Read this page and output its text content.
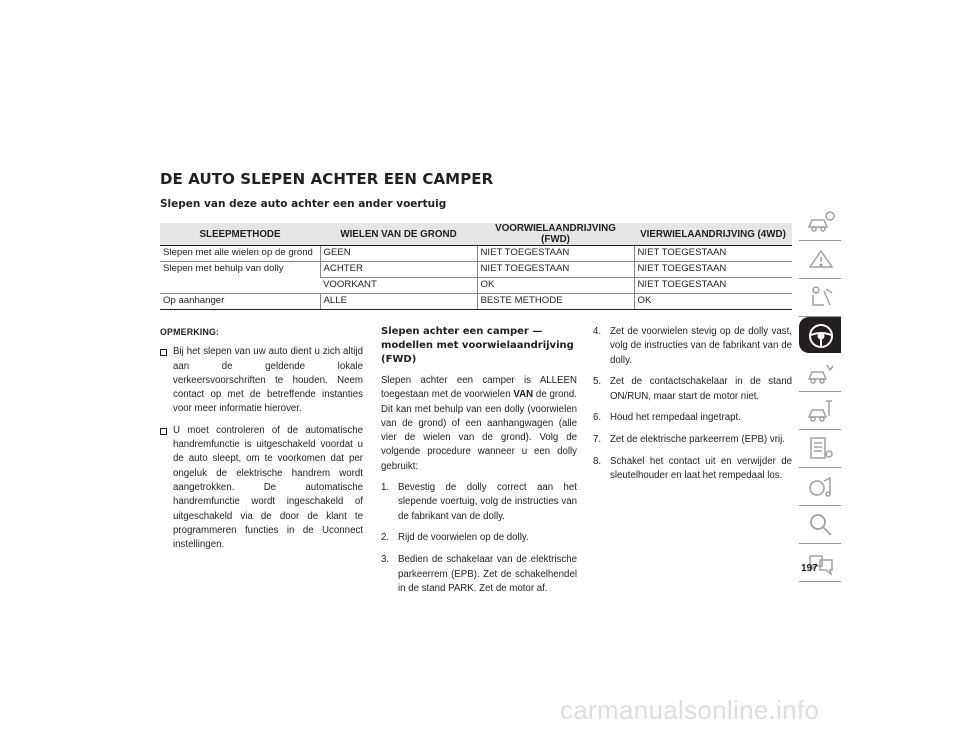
DE AUTO SLEPEN ACHTER EEN CAMPER
Slepen van deze auto achter een ander voertuig
SLEEPMETHODE	WIELEN VAN DE GROND	VOORWIELAANDRIJVING (FWD)	VIERWIELAANDRIJVING (4WD)
Slepen met alle wielen op de grond	GEEN	NIET TOEGESTAAN	NIET TOEGESTAAN
Slepen met behulp van dolly	ACHTER	NIET TOEGESTAAN	NIET TOEGESTAAN
	VOORKANT	OK	NIET TOEGESTAAN
Op aanhanger	ALLE	BESTE METHODE	OK

OPMERKING:

Bij het slepen van uw auto dient u zich altijd aan de geldende lokale verkeersvoorschriften te houden. Neem contact op met de betreffende instanties voor meer informatie hierover.

U moet controleren of de automatische handremfunctie is uitgeschakeld voordat u de auto sleept, om te voorkomen dat per ongeluk de elektrische handrem wordt aangetrokken. De automatische handremfunctie wordt ingeschakeld of uitgeschakeld via de door de klant te programmeren functies in de Uconnect instellingen.

Slepen achter een camper — modellen met voorwielaandrijving (FWD)

Slepen achter een camper is ALLEEN toegestaan met de voorwielen VAN de grond. Dit kan met behulp van een dolly (voorwielen van de grond) of een aanhangwagen (alle vier de wielen van de grond). Volg de volgende procedure wanneer u een dolly gebruikt:

1. Bevestig de dolly correct aan het slepende voertuig, volg de instructies van de fabrikant van de dolly.

2. Rijd de voorwielen op de dolly.

3. Bedien de schakelaar van de elektrische parkeerrem (EPB). Zet de schakelhendel in de stand PARK. Zet de motor af.

4. Zet de voorwielen stevig op de dolly vast, volg de instructies van de fabrikant van de dolly.

5. Zet de contactschakelaar in de stand ON/RUN, maar start de motor niet.

6. Houd het rempedaal ingetrapt.

7. Zet de elektrische parkeerrem (EPB) vrij.

8. Schakel het contact uit en verwijder de sleutelhouder en laat het rempedaal los.

197
carmanualsonline.info
